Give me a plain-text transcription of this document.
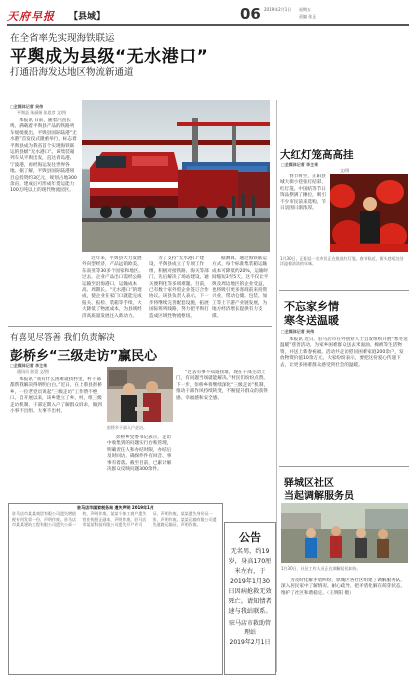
天府早报 【县域】	06 2019年2月1日 星期五
责编 张正
在全省率先实现海铁联运
平舆成为县级“无水港口”
打通沿海发达地区物流新通道
□全媒体记者 吴伟
平舆县 朱丽娟 张思彦 文/图

本报讯 日前，随着汽笛长鸣，满载着平舆县产品的铁路列车缓缓驶出，平舆县国际陆港“无水港”首发仪式隆重举行，标志着平舆县成为我省首个实现海铁联运的县级“无水港口”。该集装箱列车从平舆出发，直达青岛港、宁波港，再经海运发往世界各地。据了解，平舆县国际陆港项目总投资约3亿元，规划占地300余亩，建成后可形成年货运能力100万吨以上的现代物流园区。

近年来，平舆县大力发展外向型经济，产品远销欧美、东南亚等30多个国家和地区。过去，企业产品出口需经公路运输至沿海港口，运输成本高、周期长。“无水港口”的建成，使企业在家门口就能完成报关、报检、装箱等手续，大大降低了物流成本，为县域经济高质量发展注入新动力。

为了支持“无水港口”建设，平舆县成立了专项工作组，积极对接铁路、海关等部门，先后解决了场站建设、通关便利化等多项难题。目前，已有数十家外贸企业签订合作协议。该县负责人表示，下一步将继续完善配套设施，拓展国际班列线路，努力把平舆打造成区域性物流枢纽。

据测算，通过海铁联运方式，每个标准集装箱运输成本可降低约20%，运输时间缩短3至5天。这不仅让平舆及周边地区的企业受益，也将吸引更多客商前来投资兴业，带动仓储、包装、加工等上下游产业链发展，为地方经济增长提供有力支撑。

有喜见尽答善 我们负责解决
彭桥乡“三级走访”赢民心
□全媒体记者 李主来
通讯员 彭壹 文/图

本报讯 “我有什么困难就找村里，村干部都帮我解决得明明白白。”近日，在上蔡县彭桥乡，一位老党员说起“三级走访”工作赞不绝口。自开展以来，该乡建立了乡、村、组三级走访机制，干部定期入户了解群众诉求，做到小事不出组、大事不出村。

彭桥乡干部入户走访。

彭桥乡党委书记表示，走访中收集到的问题实行台账管理，明确责任人和办结时限，办结后及时回访，确保件件有回音、事事有着落。截至目前，已累计解决群众反映问题300余件。

“过去有事不知道找谁，现在干部主动上门，有问题当场就能解决。”村民们纷纷点赞。下一步，彭桥乡将继续深化“三级走访”机制，推动干部作风持续转变，不断提升群众的获得感、幸福感和安全感。

驻马店市国家税务局 遗失声明 2019年1月
驻马店市某某商贸有限公司遗失增值税专用发票一份，声明作废。驻马店市某某建筑工程有限公司遗失公章一枚，声明作废。某某个体工商户遗失营业执照正副本，声明作废。驻马店市某某科技有限公司遗失开户许可证，声明作废。某某遗失身份证一张，声明作废。某某运输有限公司遗失道路运输证，声明作废。
公告
无名男，约19岁，身高170厘米左右，于2019年1月30日因病抢救无效死亡。请知情者速与我站联系。
驻马店市救助管理站
2019年2月1日
大红灯笼高高挂
□全媒体记者 李主来
文/图

春节将至，正阳县城大街小巷张灯结彩，红灯笼、中国结等节日饰品摆满了摊位，吸引不少市民前来选购，节日氛围日渐浓厚。

1月30日，正阳县一名市民正在挑选红灯笼。春节临近，街头巷尾处处洋溢着浓浓的年味。
不忘家乡情
寒冬送温暖
□全媒体记者 吴伟

本报讯 近日，驻马店市在外创业人士自发组织开展“寒冬送温暖”慈善活动，为家乡困难群众送去米面油、棉被等生活物资，并送上新春祝福。活动共走访慰问困难家庭200余户，发放物资价值10余万元。大家纷纷表示，要把这份爱心传递下去，让更多困难群众感受到社会的温暖。

驿城区社区
当起调解服务员
1月30日，社区工作人员正在调解居民纠纷。

为及时化解矛盾纠纷，驿城区各社区组建了调解服务队，深入居民家中了解情况、耐心疏导，把矛盾化解在萌芽状态，维护了社区和谐稳定。（王明阳 摄）
